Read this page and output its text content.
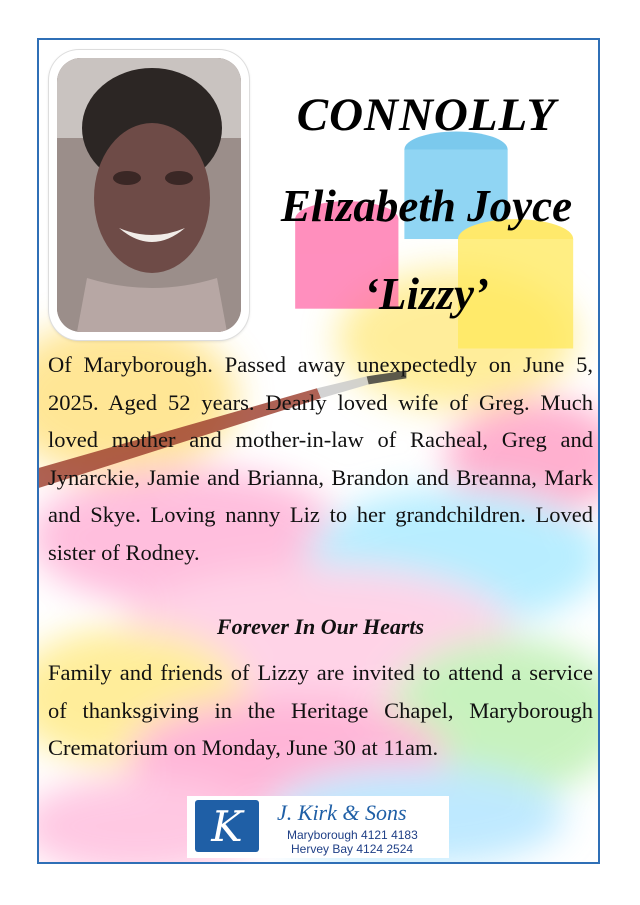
CONNOLLY
Elizabeth Joyce
‘Lizzy’
Of Maryborough. Passed away unexpectedly on June 5, 2025. Aged 52 years. Dearly loved wife of Greg. Much loved mother and mother-in-law of Racheal, Greg and Jynarckie, Jamie and Brianna, Brandon and Breanna, Mark and Skye. Loving nanny Liz to her grandchildren. Loved sister of Rodney.
Forever In Our Hearts
Family and friends of Lizzy are invited to attend a service of thanksgiving in the Heritage Chapel, Maryborough Crematorium on Monday, June 30 at 11am.
K	J. Kirk & Sons
Maryborough 4121 4183
Hervey Bay 4124 2524
